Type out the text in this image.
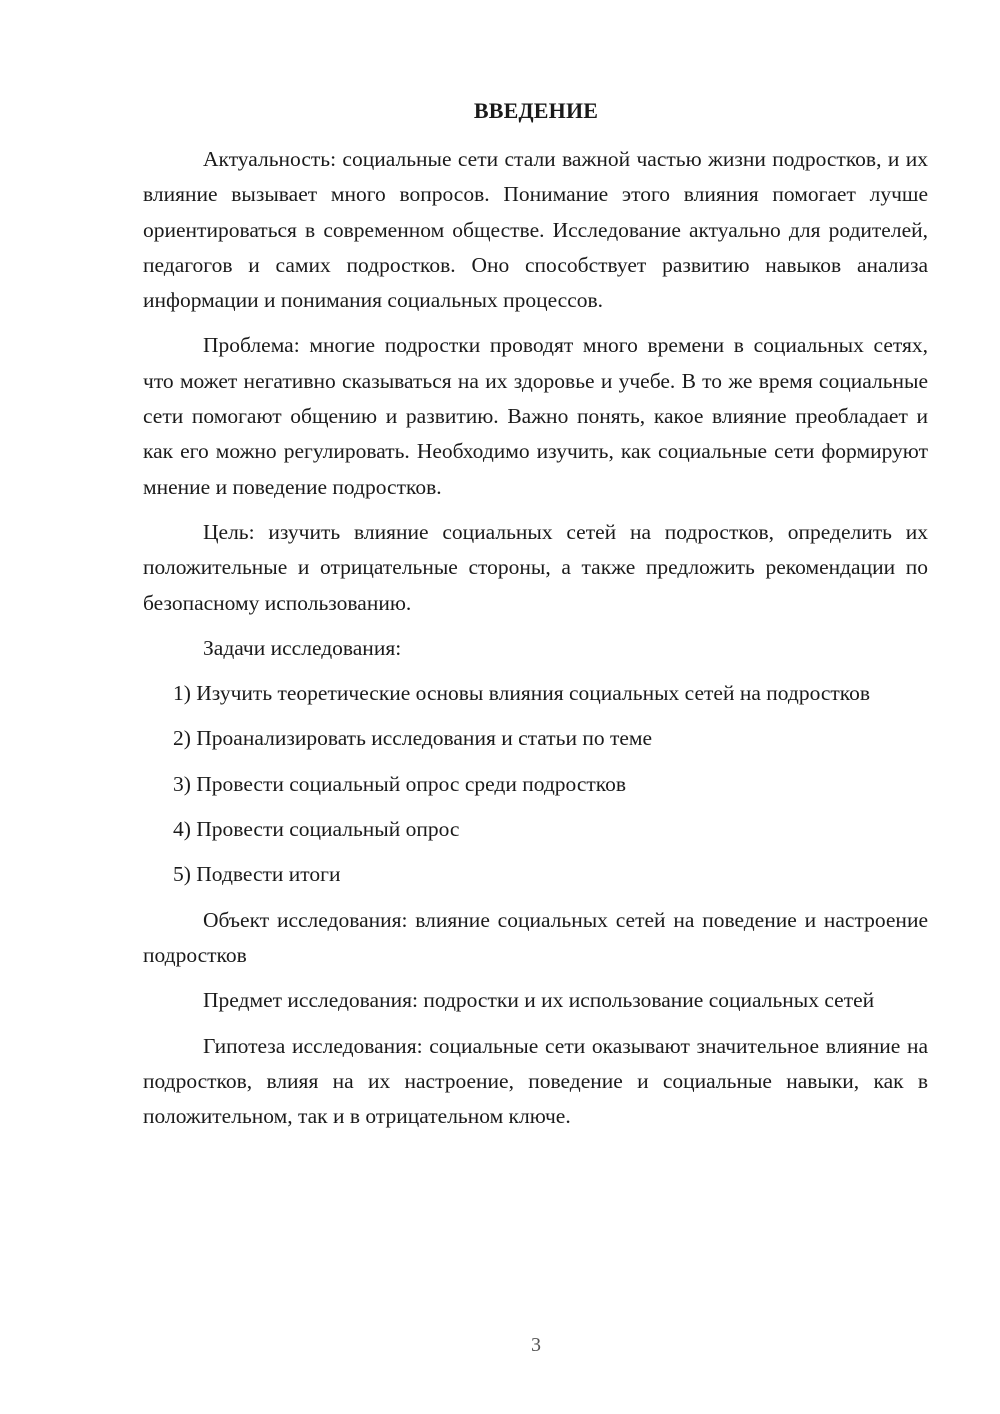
ВВЕДЕНИЕ

Актуальность: социальные сети стали важной частью жизни подростков, и их влияние вызывает много вопросов. Понимание этого влияния помогает лучше ориентироваться в современном обществе. Исследование актуально для родителей, педагогов и самих подростков. Оно способствует развитию навыков анализа информации и понимания социальных процессов.

Проблема: многие подростки проводят много времени в социальных сетях, что может негативно сказываться на их здоровье и учебе. В то же время социальные сети помогают общению и развитию. Важно понять, какое влияние преобладает и как его можно регулировать. Необходимо изучить, как социальные сети формируют мнение и поведение подростков.

Цель: изучить влияние социальных сетей на подростков, определить их положительные и отрицательные стороны, а также предложить рекомендации по безопасному использованию.

Задачи исследования:

1) Изучить теоретические основы влияния социальных сетей на подростков

2) Проанализировать исследования и статьи по теме

3) Провести социальный опрос среди подростков

4) Провести социальный опрос

5) Подвести итоги

Объект исследования: влияние социальных сетей на поведение и настроение подростков

Предмет исследования: подростки и их использование социальных сетей

Гипотеза исследования: социальные сети оказывают значительное влияние на подростков, влияя на их настроение, поведение и социальные навыки, как в положительном, так и в отрицательном ключе.

3
